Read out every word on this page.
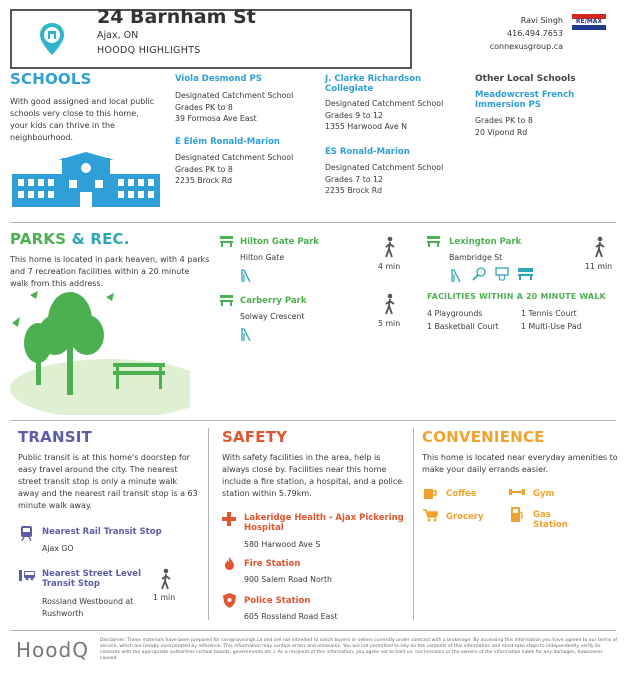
24 Barnham St
Ajax, ON
HOODQ HIGHLIGHTS
Ravi Singh
416.494.7653
connexusgroup.ca
RE/MAX
SCHOOLS
With good assigned and local public schools very close to this home, your kids can thrive in the neighbourhood.
Viola Desmond PS
Designated Catchment School
Grades PK to 8
39 Formosa Ave East
É Élém Ronald-Marion
Designated Catchment School
Grades PK to 8
2235 Brock Rd
J. Clarke Richardson Collegiate
Designated Catchment School
Grades 9 to 12
1355 Harwood Ave N
ÉS Ronald-Marion
Designated Catchment School
Grades 7 to 12
2235 Brock Rd
Other Local Schools
Meadowcrest French Immersion PS
Grades PK to 8
20 Vipond Rd
PARKS & REC.
This home is located in park heaven, with 4 parks and 7 recreation facilities within a 20 minute walk from this address.
Hilton Gate Park
Hilton Gate
4 min
Carberry Park
Solway Crescent
5 min
Lexington Park
Bambridge St
11 min
FACILITIES WITHIN A 20 MINUTE WALK
4 Playgrounds	1 Tennis Court
1 Basketball Court	1 Multi-Use Pad
TRANSIT
Public transit is at this home's doorstep for easy travel around the city. The nearest street transit stop is only a minute walk away and the nearest rail transit stop is a 63 minute walk away.
Nearest Rail Transit Stop
Ajax GO
Nearest Street Level Transit Stop
Rossland Westbound at Rushworth
1 min
SAFETY
With safety facilities in the area, help is always close by. Facilities near this home include a fire station, a hospital, and a police station within 5.79km.
Lakeridge Health - Ajax Pickering Hospital
580 Harwood Ave S
Fire Station
900 Salem Road North
Police Station
605 Rossland Road East
CONVENIENCE
This home is located near everyday amenities to make your daily errands easier.
Coffee	Gym
Grocery	Gas Station
HoodQ Disclaimer: These materials have been prepared for ravi@ravisingh.ca and are not intended to solicit buyers or sellers currently under contract with a brokerage. By accessing this information you have agreed to our terms of service, which are hereby incorporated by reference. This information may contain errors and omissions. You are not permitted to rely on the contents of this information and must take steps to independently verify its contents with the appropriate authorities (school boards, governments etc.). As a recipient of this information, you agree not to hold us, our licensors or the owners of the information liable for any damages, howsoever caused.
